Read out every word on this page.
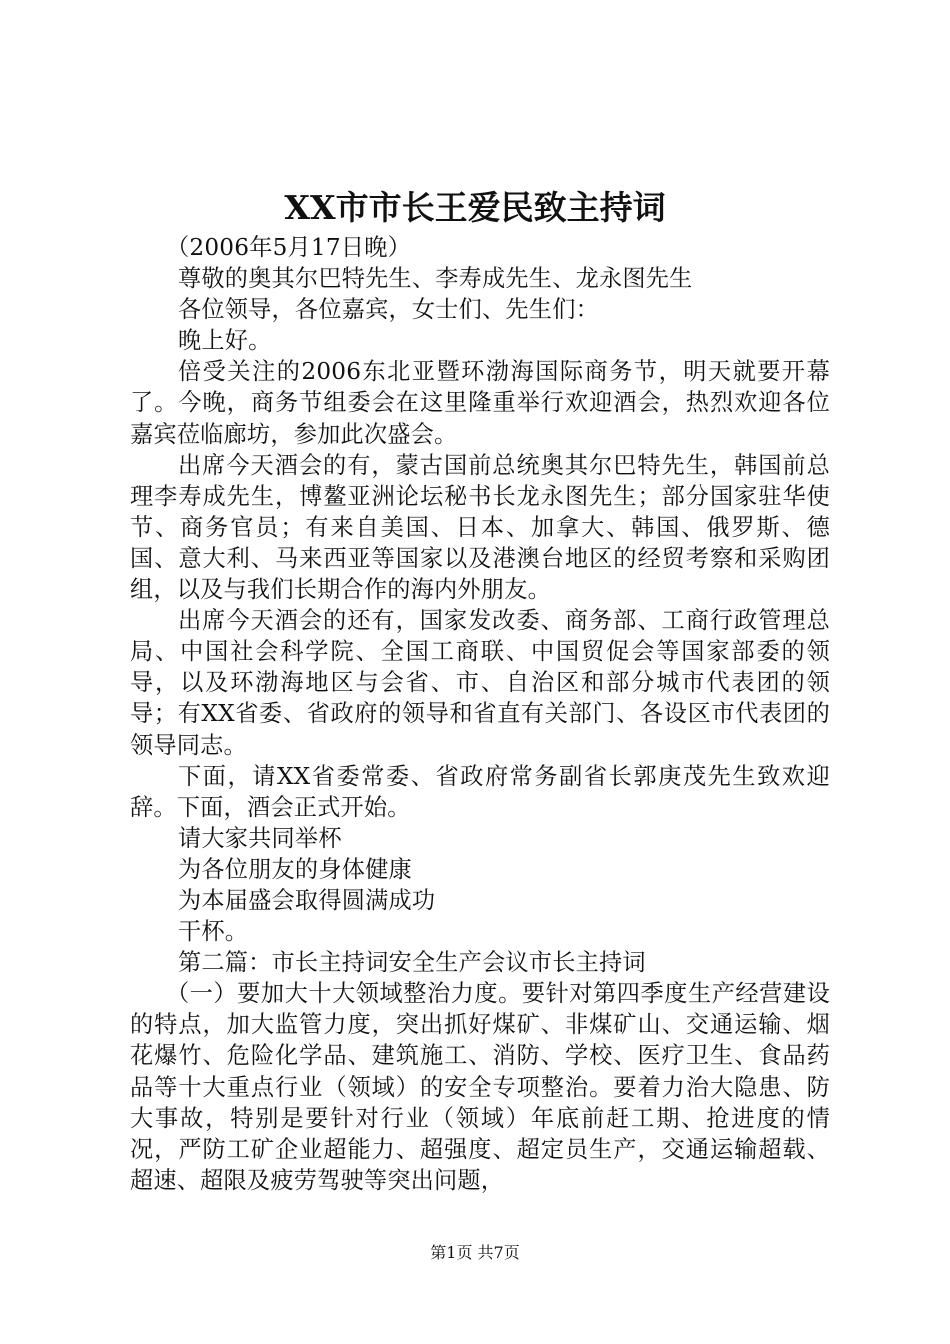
XX市市长王爱民致主持词

（2006年5月17日晚）

尊敬的奥其尔巴特先生、李寿成先生、龙永图先生

各位领导，各位嘉宾，女士们、先生们：

晚上好。

倍受关注的2006东北亚暨环渤海国际商务节，明天就要开幕了。今晚，商务节组委会在这里隆重举行欢迎酒会，热烈欢迎各位嘉宾莅临廊坊，参加此次盛会。

出席今天酒会的有，蒙古国前总统奥其尔巴特先生，韩国前总理李寿成先生，博鳌亚洲论坛秘书长龙永图先生；部分国家驻华使节、商务官员；有来自美国、日本、加拿大、韩国、俄罗斯、德国、意大利、马来西亚等国家以及港澳台地区的经贸考察和采购团组，以及与我们长期合作的海内外朋友。

出席今天酒会的还有，国家发改委、商务部、工商行政管理总局、中国社会科学院、全国工商联、中国贸促会等国家部委的领导，以及环渤海地区与会省、市、自治区和部分城市代表团的领导；有XX省委、省政府的领导和省直有关部门、各设区市代表团的领导同志。

下面，请XX省委常委、省政府常务副省长郭庚茂先生致欢迎辞。下面，酒会正式开始。

请大家共同举杯

为各位朋友的身体健康

为本届盛会取得圆满成功

干杯。

第二篇：市长主持词安全生产会议市长主持词

（一）要加大十大领域整治力度。要针对第四季度生产经营建设的特点，加大监管力度，突出抓好煤矿、非煤矿山、交通运输、烟花爆竹、危险化学品、建筑施工、消防、学校、医疗卫生、食品药品等十大重点行业（领域）的安全专项整治。要着力治大隐患、防大事故，特别是要针对行业（领域）年底前赶工期、抢进度的情况，严防工矿企业超能力、超强度、超定员生产，交通运输超载、超速、超限及疲劳驾驶等突出问题，

第1页 共7页
